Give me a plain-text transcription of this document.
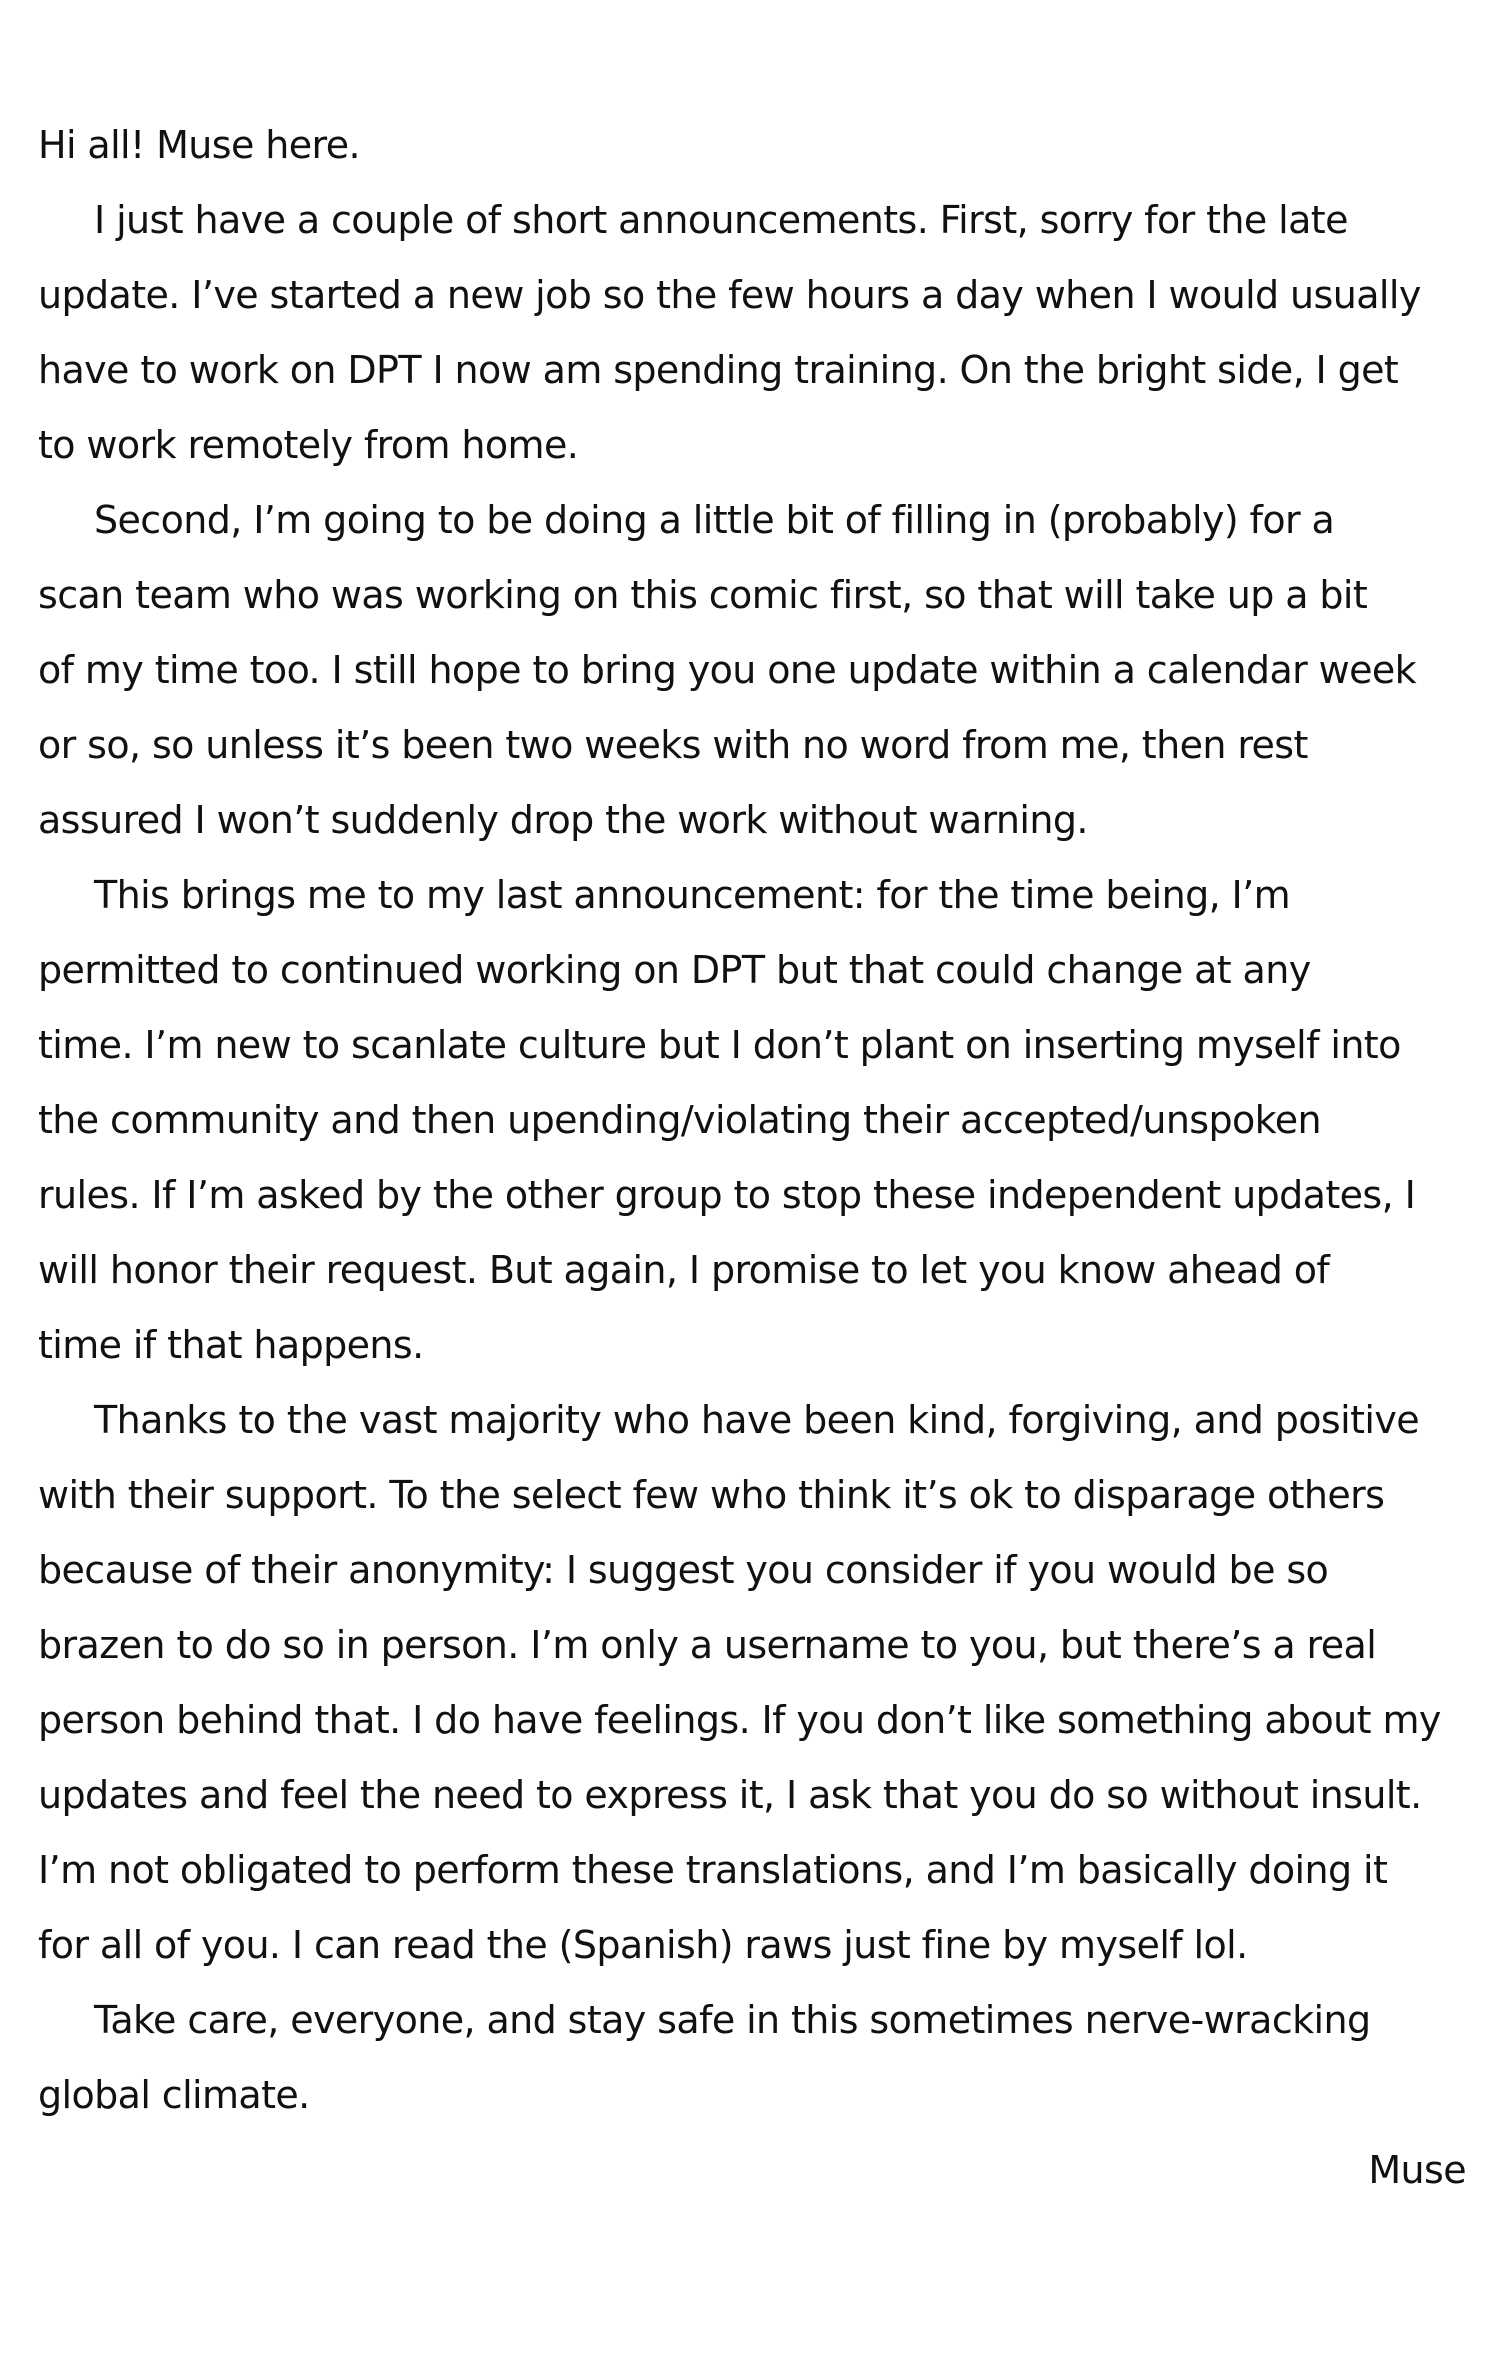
Hi all! Muse here.
I just have a couple of short announcements. First, sorry for the late
update. I’ve started a new job so the few hours a day when I would usually
have to work on DPT I now am spending training. On the bright side, I get
to work remotely from home.
Second, I’m going to be doing a little bit of filling in (probably) for a
scan team who was working on this comic first, so that will take up a bit
of my time too. I still hope to bring you one update within a calendar week
or so, so unless it’s been two weeks with no word from me, then rest
assured I won’t suddenly drop the work without warning.
This brings me to my last announcement: for the time being, I’m
permitted to continued working on DPT but that could change at any
time. I’m new to scanlate culture but I don’t plant on inserting myself into
the community and then upending/violating their accepted/unspoken
rules. If I’m asked by the other group to stop these independent updates, I
will honor their request. But again, I promise to let you know ahead of
time if that happens.
Thanks to the vast majority who have been kind, forgiving, and positive
with their support. To the select few who think it’s ok to disparage others
because of their anonymity: I suggest you consider if you would be so
brazen to do so in person. I’m only a username to you, but there’s a real
person behind that. I do have feelings. If you don’t like something about my
updates and feel the need to express it, I ask that you do so without insult.
I’m not obligated to perform these translations, and I’m basically doing it
for all of you. I can read the (Spanish) raws just fine by myself lol.
Take care, everyone, and stay safe in this sometimes nerve-wracking
global climate.
Muse
